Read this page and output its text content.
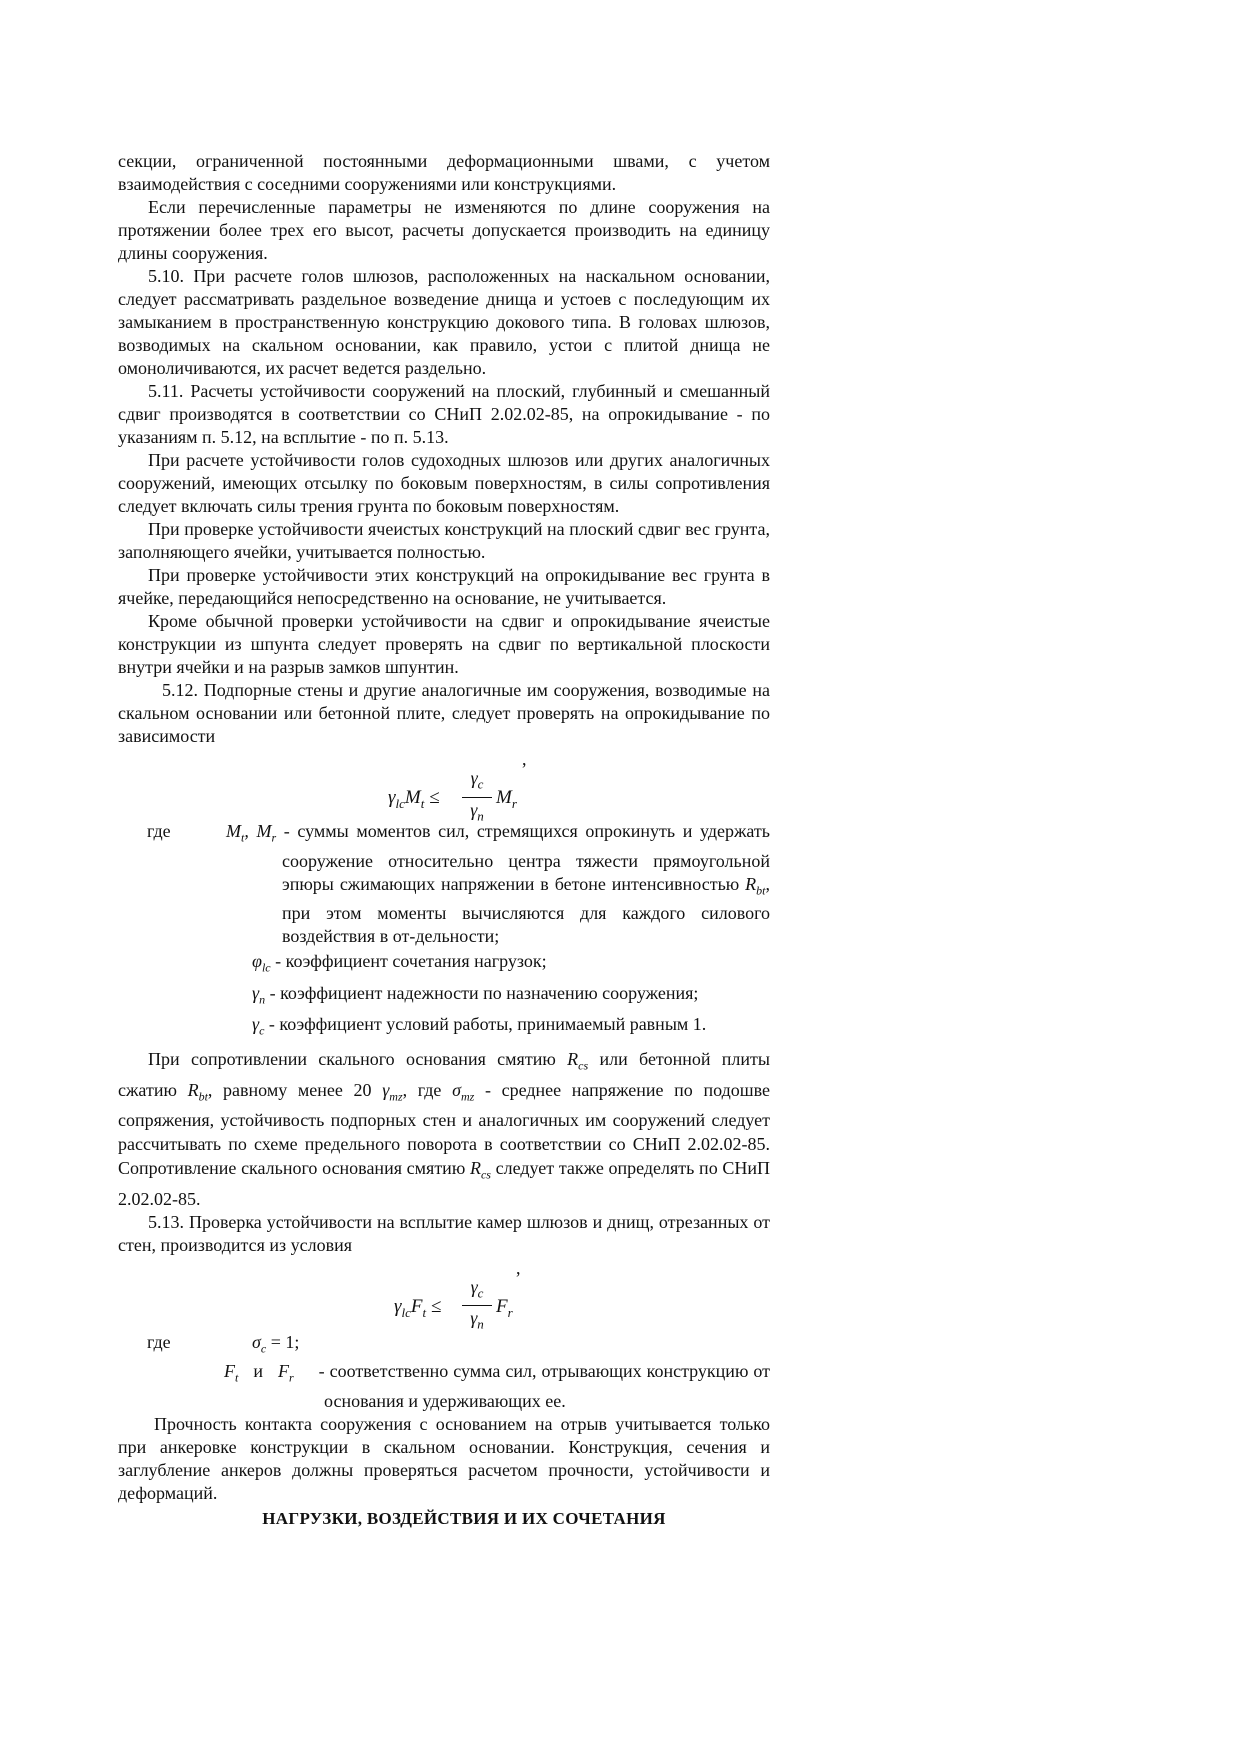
секции, ограниченной постоянными деформационными швами, с учетом взаимодействия с соседними сооружениями или конструкциями.

Если перечисленные параметры не изменяются по длине сооружения на протяжении более трех его высот, расчеты допускается производить на единицу длины сооружения.

5.10. При расчете голов шлюзов, расположенных на наскальном основании, следует рассматривать раздельное возведение днища и устоев с последующим их замыканием в пространственную конструкцию докового типа. В головах шлюзов, возводимых на скальном основании, как правило, устои с плитой днища не омоноличиваются, их расчет ведется раздельно.

5.11. Расчеты устойчивости сооружений на плоский, глубинный и смешанный сдвиг производятся в соответствии со СНиП 2.02.02-85, на опрокидывание - по указаниям п. 5.12, на всплытие - по п. 5.13.

При расчете устойчивости голов судоходных шлюзов или других аналогичных сооружений, имеющих отсылку по боковым поверхностям, в силы сопротивления следует включать силы трения грунта по боковым поверхностям.

При проверке устойчивости ячеистых конструкций на плоский сдвиг вес грунта, заполняющего ячейки, учитывается полностью.

При проверке устойчивости этих конструкций на опрокидывание вес грунта в ячейке, передающийся непосредственно на основание, не учитывается.

Кроме обычной проверки устойчивости на сдвиг и опрокидывание ячеистые конструкции из шпунта следует проверять на сдвиг по вертикальной плоскости внутри ячейки и на разрыв замков шпунтин.

5.12. Подпорные стены и другие аналогичные им сооружения, возводимые на скальном основании или бетонной плите, следует проверять на опрокидывание по зависимости

,
$\gamma_{lc}M_t \le \frac{\gamma_c}{\gamma_n} M_r$
где	$M_t$, $M_r$ - суммы моментов сил, стремящихся опрокинуть и удержать сооружение относительно центра тяжести прямоугольной эпюры сжимающих напряжении в бетоне интенсивностью $R_{bt}$, при этом моменты вычисляются для каждого силового воздействия в от-дельности;

$\varphi_{lc}$ - коэффициент сочетания нагрузок;

$\gamma_n$ - коэффициент надежности по назначению сооружения;

$\gamma_c$ - коэффициент условий работы, принимаемый равным 1.

При сопротивлении скального основания смятию $R_{cs}$ или бетонной плиты сжатию $R_{bt}$, равному менее 20 $\gamma_{mz}$, где $\sigma_{mz}$ - среднее напряжение по подошве сопряжения, устойчивость подпорных стен и аналогичных им сооружений следует рассчитывать по схеме предельного поворота в соответствии со СНиП 2.02.02-85. Сопротивление скального основания смятию $R_{cs}$ следует также определять по СНиП 2.02.02-85.

5.13. Проверка устойчивости на всплытие камер шлюзов и днищ, отрезанных от стен, производится из условия

,
$\gamma_{lc}F_t \le \frac{\gamma_c}{\gamma_n} F_r$
где	$\sigma_c = 1$;

$F_t$ и $F_r$ - соответственно сумма сил, отрывающих конструкцию от основания и удерживающих ее.

Прочность контакта сооружения с основанием на отрыв учитывается только при анкеровке конструкции в скальном основании. Конструкция, сечения и заглубление анкеров должны проверяться расчетом прочности, устойчивости и деформаций.

НАГРУЗКИ, ВОЗДЕЙСТВИЯ И ИХ СОЧЕТАНИЯ
